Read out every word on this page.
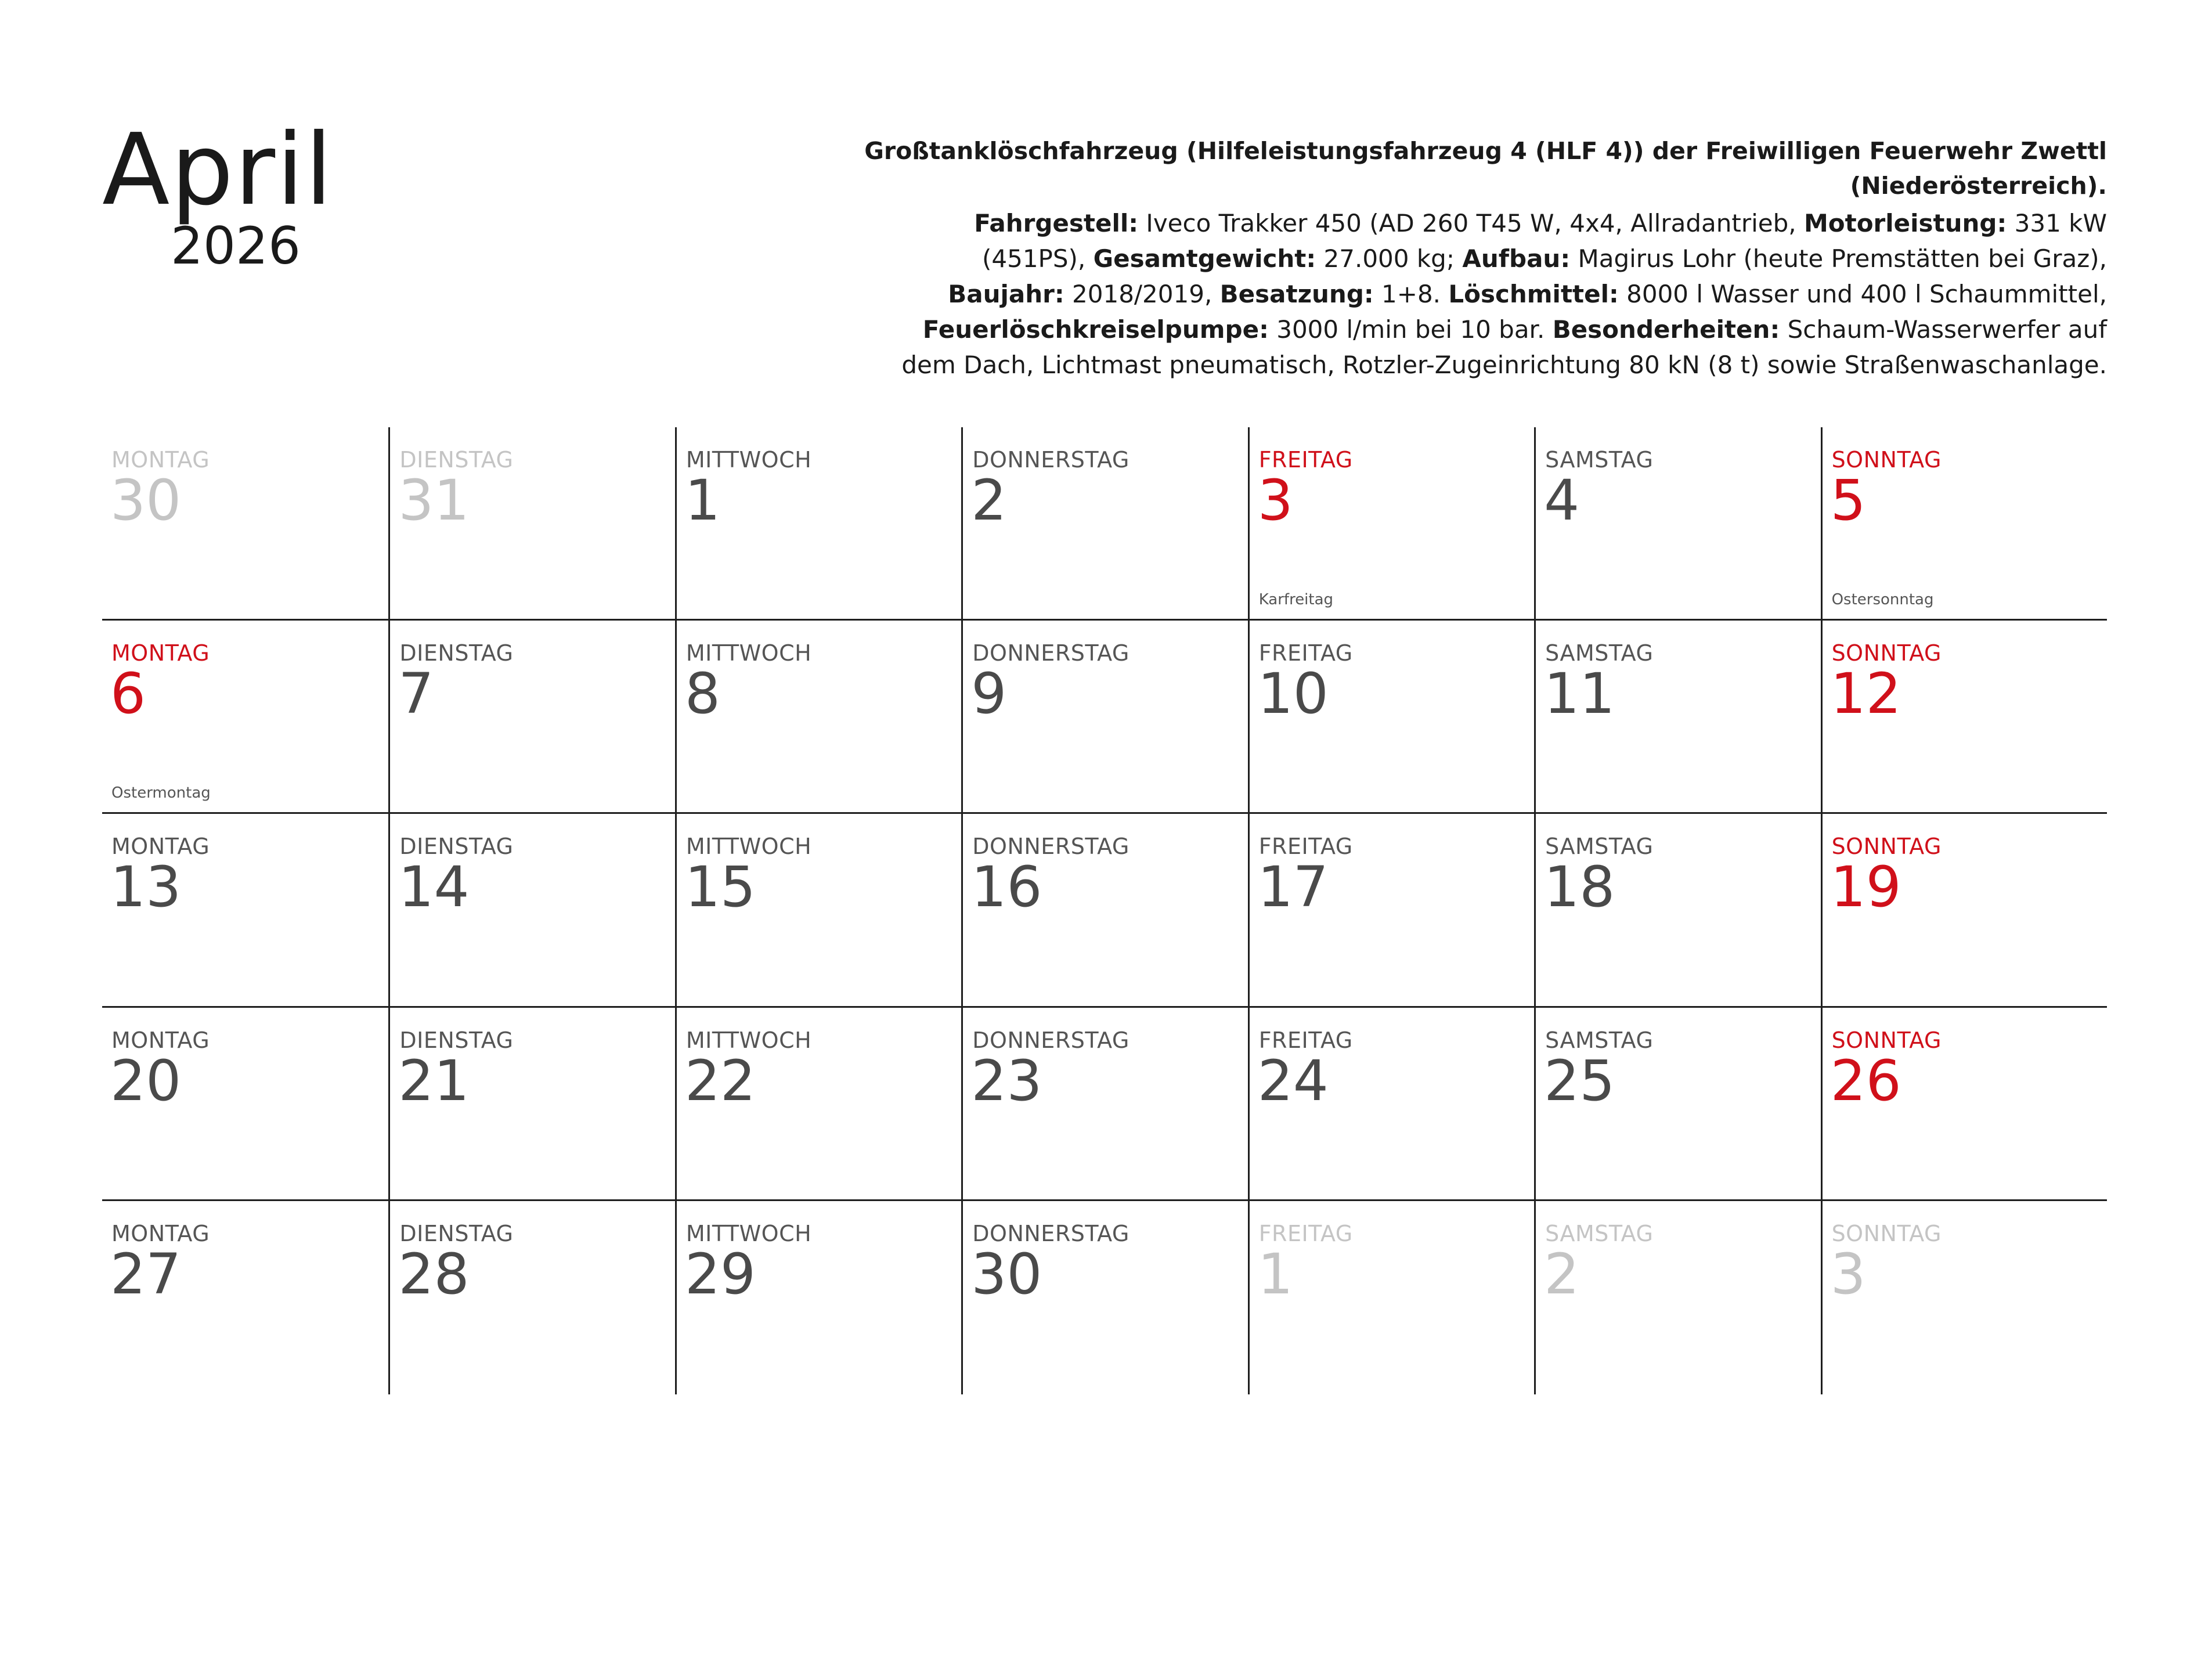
April
2026
Großtanklöschfahrzeug (Hilfeleistungsfahrzeug 4 (HLF 4)) der Freiwilligen Feuerwehr Zwettl (Niederösterreich).
Fahrgestell: Iveco Trakker 450 (AD 260 T45 W, 4x4, Allradantrieb, Motorleistung: 331 kW
(451PS), Gesamtgewicht: 27.000 kg; Aufbau: Magirus Lohr (heute Premstätten bei Graz),
Baujahr: 2018/2019, Besatzung: 1+8. Löschmittel: 8000 l Wasser und 400 l Schaummittel,
Feuerlöschkreiselpumpe: 3000 l/min bei 10 bar. Besonderheiten: Schaum-Wasserwerfer auf
dem Dach, Lichtmast pneumatisch, Rotzler-Zugeinrichtung 80 kN (8 t) sowie Straßenwaschanlage.
MONTAG
30
DIENSTAG
31
MITTWOCH
1
DONNERSTAG
2
FREITAG
3
Karfreitag
SAMSTAG
4
SONNTAG
5
Ostersonntag
MONTAG
6
Ostermontag
DIENSTAG
7
MITTWOCH
8
DONNERSTAG
9
FREITAG
10
SAMSTAG
11
SONNTAG
12
MONTAG
13
DIENSTAG
14
MITTWOCH
15
DONNERSTAG
16
FREITAG
17
SAMSTAG
18
SONNTAG
19
MONTAG
20
DIENSTAG
21
MITTWOCH
22
DONNERSTAG
23
FREITAG
24
SAMSTAG
25
SONNTAG
26
MONTAG
27
DIENSTAG
28
MITTWOCH
29
DONNERSTAG
30
FREITAG
1
SAMSTAG
2
SONNTAG
3
